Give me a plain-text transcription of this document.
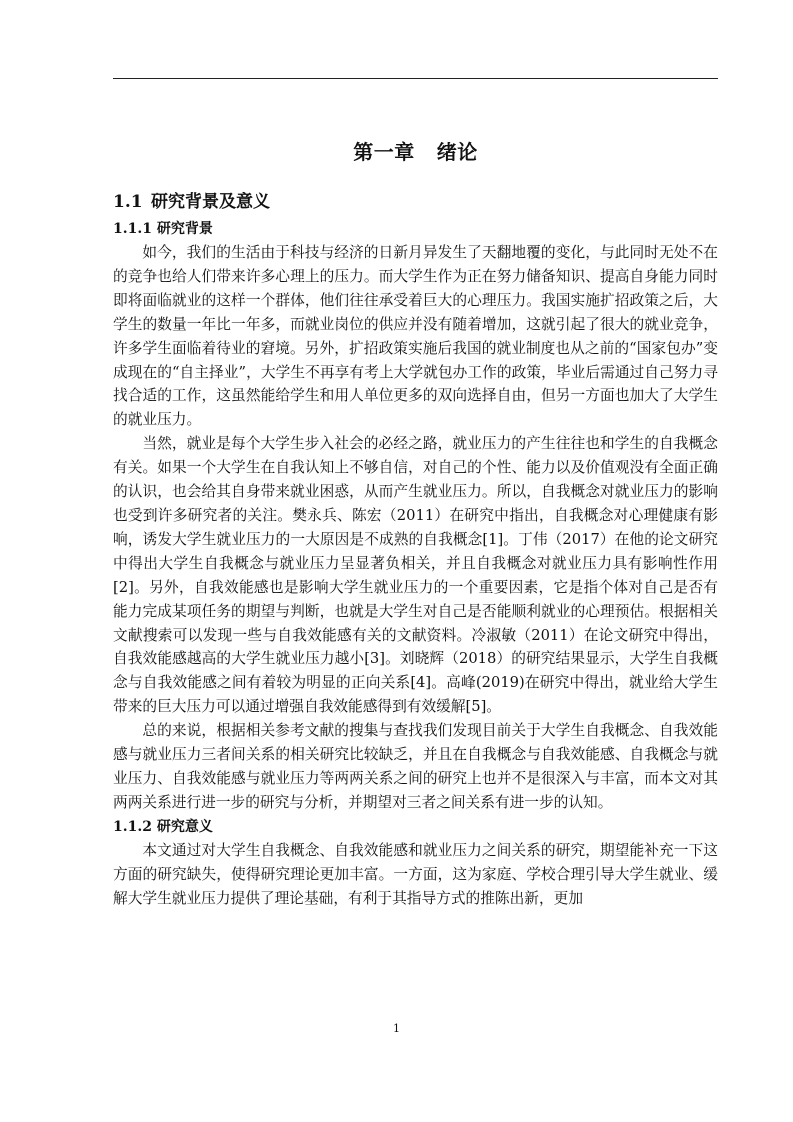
第一章 绪论
1.1 研究背景及意义
1.1.1 研究背景

如今，我们的生活由于科技与经济的日新月异发生了天翻地覆的变化，与此同时无处不在的竞争也给人们带来许多心理上的压力。而大学生作为正在努力储备知识、提高自身能力同时即将面临就业的这样一个群体，他们往往承受着巨大的心理压力。我国实施扩招政策之后，大学生的数量一年比一年多，而就业岗位的供应并没有随着增加，这就引起了很大的就业竞争，许多学生面临着待业的窘境。另外，扩招政策实施后我国的就业制度也从之前的“国家包办”变成现在的“自主择业”，大学生不再享有考上大学就包办工作的政策，毕业后需通过自己努力寻找合适的工作，这虽然能给学生和用人单位更多的双向选择自由，但另一方面也加大了大学生的就业压力。

当然，就业是每个大学生步入社会的必经之路，就业压力的产生往往也和学生的自我概念有关。如果一个大学生在自我认知上不够自信，对自己的个性、能力以及价值观没有全面正确的认识，也会给其自身带来就业困惑，从而产生就业压力。所以，自我概念对就业压力的影响也受到许多研究者的关注。樊永兵、陈宏（2011）在研究中指出，自我概念对心理健康有影响，诱发大学生就业压力的一大原因是不成熟的自我概念[1]。丁伟（2017）在他的论文研究中得出大学生自我概念与就业压力呈显著负相关，并且自我概念对就业压力具有影响性作用[2]。另外，自我效能感也是影响大学生就业压力的一个重要因素，它是指个体对自己是否有能力完成某项任务的期望与判断，也就是大学生对自己是否能顺利就业的心理预估。根据相关文献搜索可以发现一些与自我效能感有关的文献资料。冷淑敏（2011）在论文研究中得出，自我效能感越高的大学生就业压力越小[3]。刘晓辉（2018）的研究结果显示，大学生自我概念与自我效能感之间有着较为明显的正向关系[4]。高峰(2019)在研究中得出，就业给大学生带来的巨大压力可以通过增强自我效能感得到有效缓解[5]。

总的来说，根据相关参考文献的搜集与查找我们发现目前关于大学生自我概念、自我效能感与就业压力三者间关系的相关研究比较缺乏，并且在自我概念与自我效能感、自我概念与就业压力、自我效能感与就业压力等两两关系之间的研究上也并不是很深入与丰富，而本文对其两两关系进行进一步的研究与分析，并期望对三者之间关系有进一步的认知。

1.1.2 研究意义

本文通过对大学生自我概念、自我效能感和就业压力之间关系的研究，期望能补充一下这方面的研究缺失，使得研究理论更加丰富。一方面，这为家庭、学校合理引导大学生就业、缓解大学生就业压力提供了理论基础，有利于其指导方式的推陈出新，更加

1
